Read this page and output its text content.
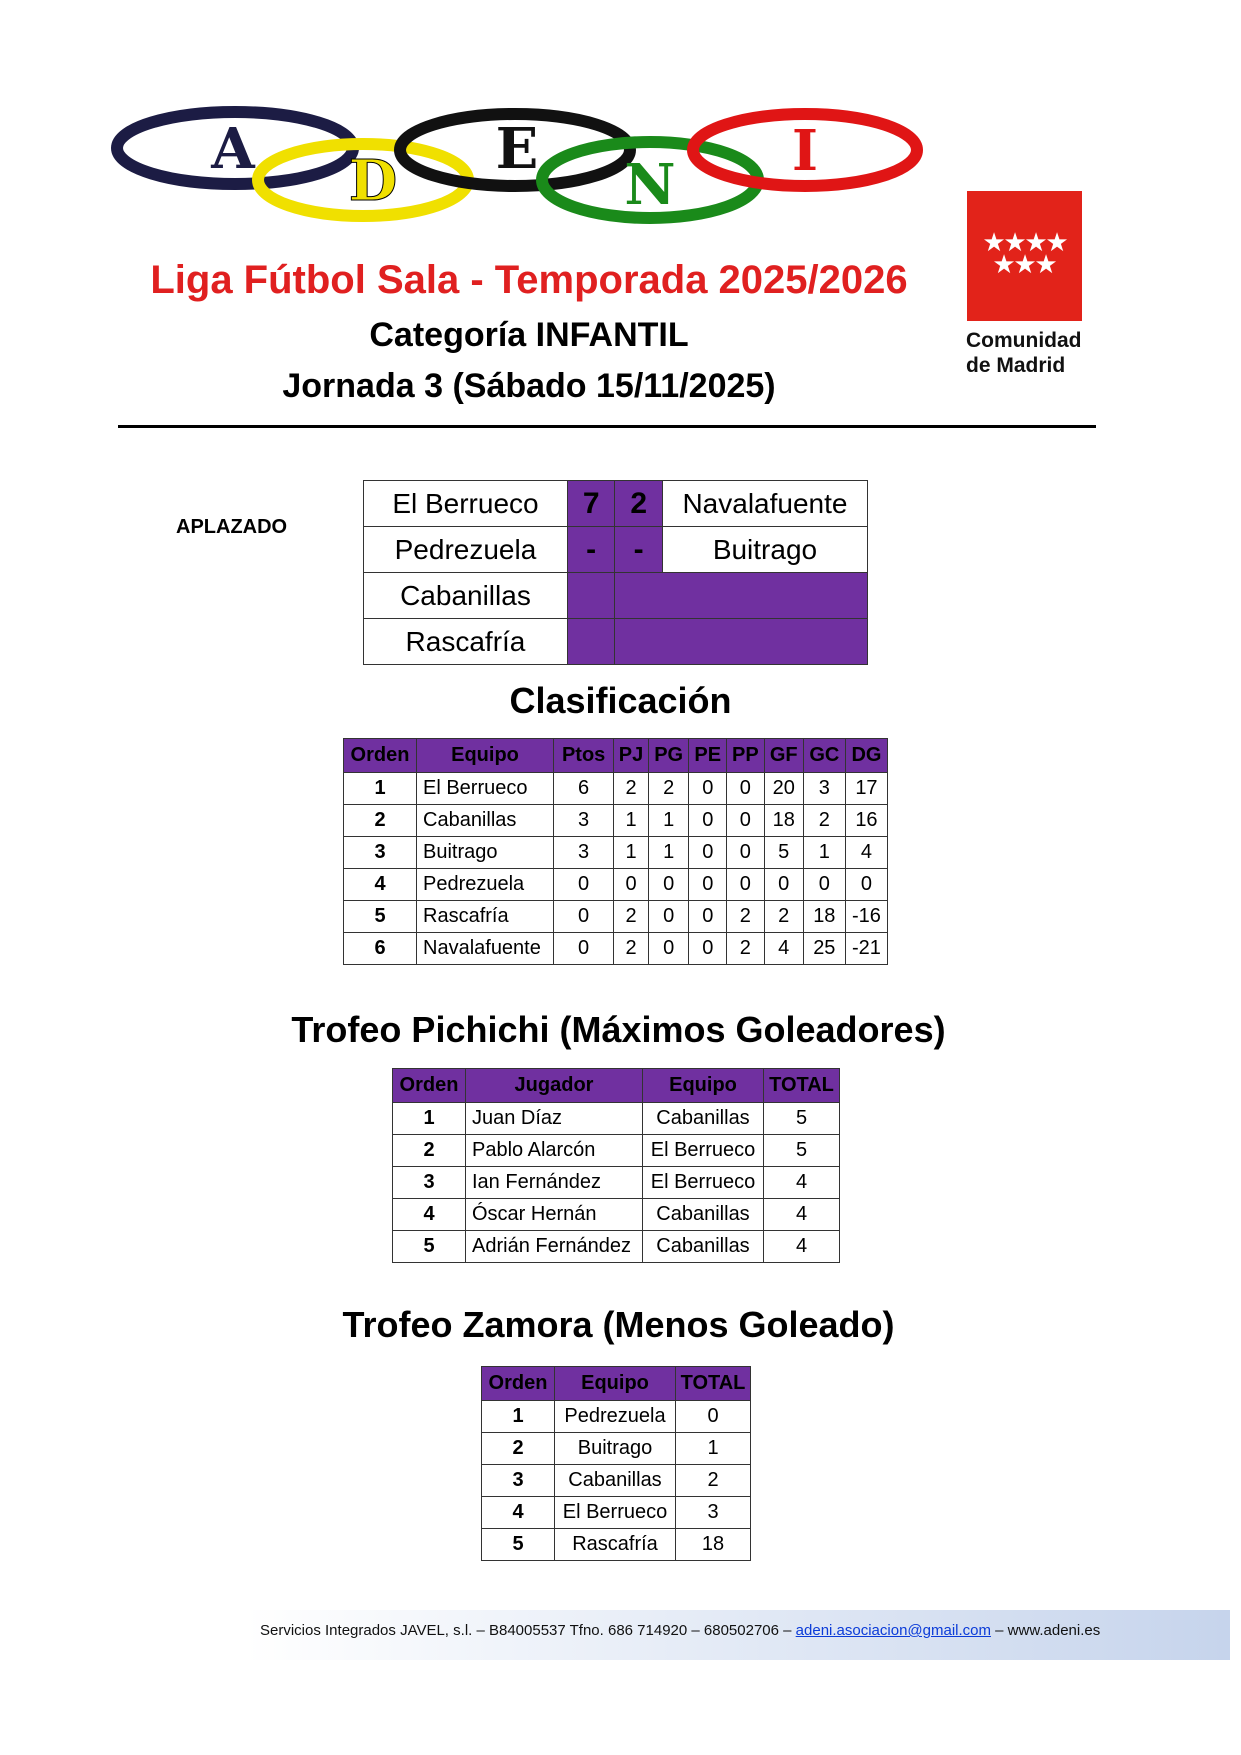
A D E
N
I
★
★
★
★
★
★
★
Comunidad
de Madrid
Liga Fútbol Sala - Temporada 2025/2026
Categoría INFANTIL
Jornada 3 (Sábado 15/11/2025)
APLAZADO
El Berrueco	7	2	Navalafuente
Pedrezuela	-	-	Buitrago
Cabanillas			
Rascafría			
Clasificación
Orden	Equipo	Ptos	PJ	PG	PE	PP	GF	GC	DG
1	El Berrueco	6	2	2	0	0	20	3	17
2	Cabanillas	3	1	1	0	0	18	2	16
3	Buitrago	3	1	1	0	0	5	1	4
4	Pedrezuela	0	0	0	0	0	0	0	0
5	Rascafría	0	2	0	0	2	2	18	-16
6	Navalafuente	0	2	0	0	2	4	25	-21
Trofeo Pichichi (Máximos Goleadores)
Orden	Jugador	Equipo	TOTAL
1	Juan Díaz	Cabanillas	5
2	Pablo Alarcón	El Berrueco	5
3	Ian Fernández	El Berrueco	4
4	Óscar Hernán	Cabanillas	4
5	Adrián Fernández	Cabanillas	4
Trofeo Zamora (Menos Goleado)
Orden	Equipo	TOTAL
1	Pedrezuela	0
2	Buitrago	1
3	Cabanillas	2
4	El Berrueco	3
5	Rascafría	18
Servicios Integrados JAVEL, s.l. – B84005537 Tfno. 686 714920 – 680502706 – adeni.asociacion@gmail.com – www.adeni.es
